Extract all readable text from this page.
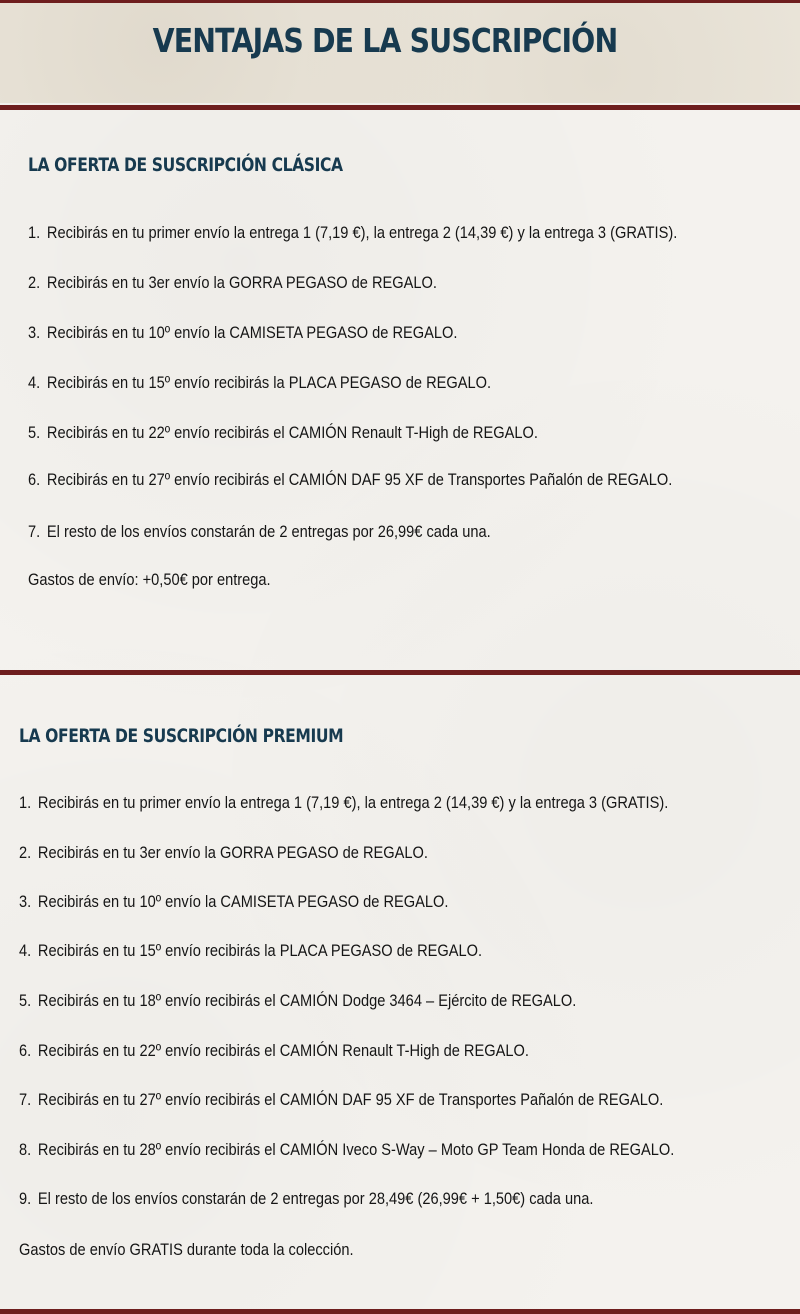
VENTAJAS DE LA SUSCRIPCIÓN
LA OFERTA DE SUSCRIPCIÓN CLÁSICA

1. Recibirás en tu primer envío la entrega 1 (7,19 €), la entrega 2 (14,39 €) y la entrega 3 (GRATIS).

2. Recibirás en tu 3er envío la GORRA PEGASO de REGALO.

3. Recibirás en tu 10º envío la CAMISETA PEGASO de REGALO.

4. Recibirás en tu 15º envío recibirás la PLACA PEGASO de REGALO.

5. Recibirás en tu 22º envío recibirás el CAMIÓN Renault T-High de REGALO.

6. Recibirás en tu 27º envío recibirás el CAMIÓN DAF 95 XF de Transportes Pañalón de REGALO.

7. El resto de los envíos constarán de 2 entregas por 26,99€ cada una.

Gastos de envío: +0,50€ por entrega.

LA OFERTA DE SUSCRIPCIÓN PREMIUM

1. Recibirás en tu primer envío la entrega 1 (7,19 €), la entrega 2 (14,39 €) y la entrega 3 (GRATIS).

2. Recibirás en tu 3er envío la GORRA PEGASO de REGALO.

3. Recibirás en tu 10º envío la CAMISETA PEGASO de REGALO.

4. Recibirás en tu 15º envío recibirás la PLACA PEGASO de REGALO.

5. Recibirás en tu 18º envío recibirás el CAMIÓN Dodge 3464 – Ejército de REGALO.

6. Recibirás en tu 22º envío recibirás el CAMIÓN Renault T-High de REGALO.

7. Recibirás en tu 27º envío recibirás el CAMIÓN DAF 95 XF de Transportes Pañalón de REGALO.

8. Recibirás en tu 28º envío recibirás el CAMIÓN Iveco S-Way – Moto GP Team Honda de REGALO.

9. El resto de los envíos constarán de 2 entregas por 28,49€ (26,99€ + 1,50€) cada una.

Gastos de envío GRATIS durante toda la colección.
